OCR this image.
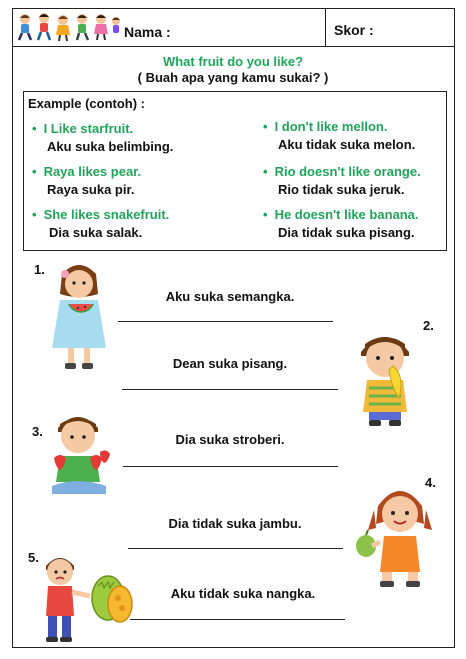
Nama :	Skor :
What fruit do you like?
( Buah apa yang kamu sukai? )
Example (contoh) :
• I Like starfruit.
Aku suka belimbing.
• Raya likes pear.
Raya suka pir.
• She likes snakefruit.
Dia suka salak.
• I don't like mellon.
Aku tidak suka melon.
• Rio doesn't like orange.
Rio tidak suka jeruk.
• He doesn't like banana.
Dia tidak suka pisang.
1.
Aku suka semangka.
2.
Dean suka pisang.
3.
Dia suka stroberi.
4.
Dia tidak suka jambu.
5.
Aku tidak suka nangka.
